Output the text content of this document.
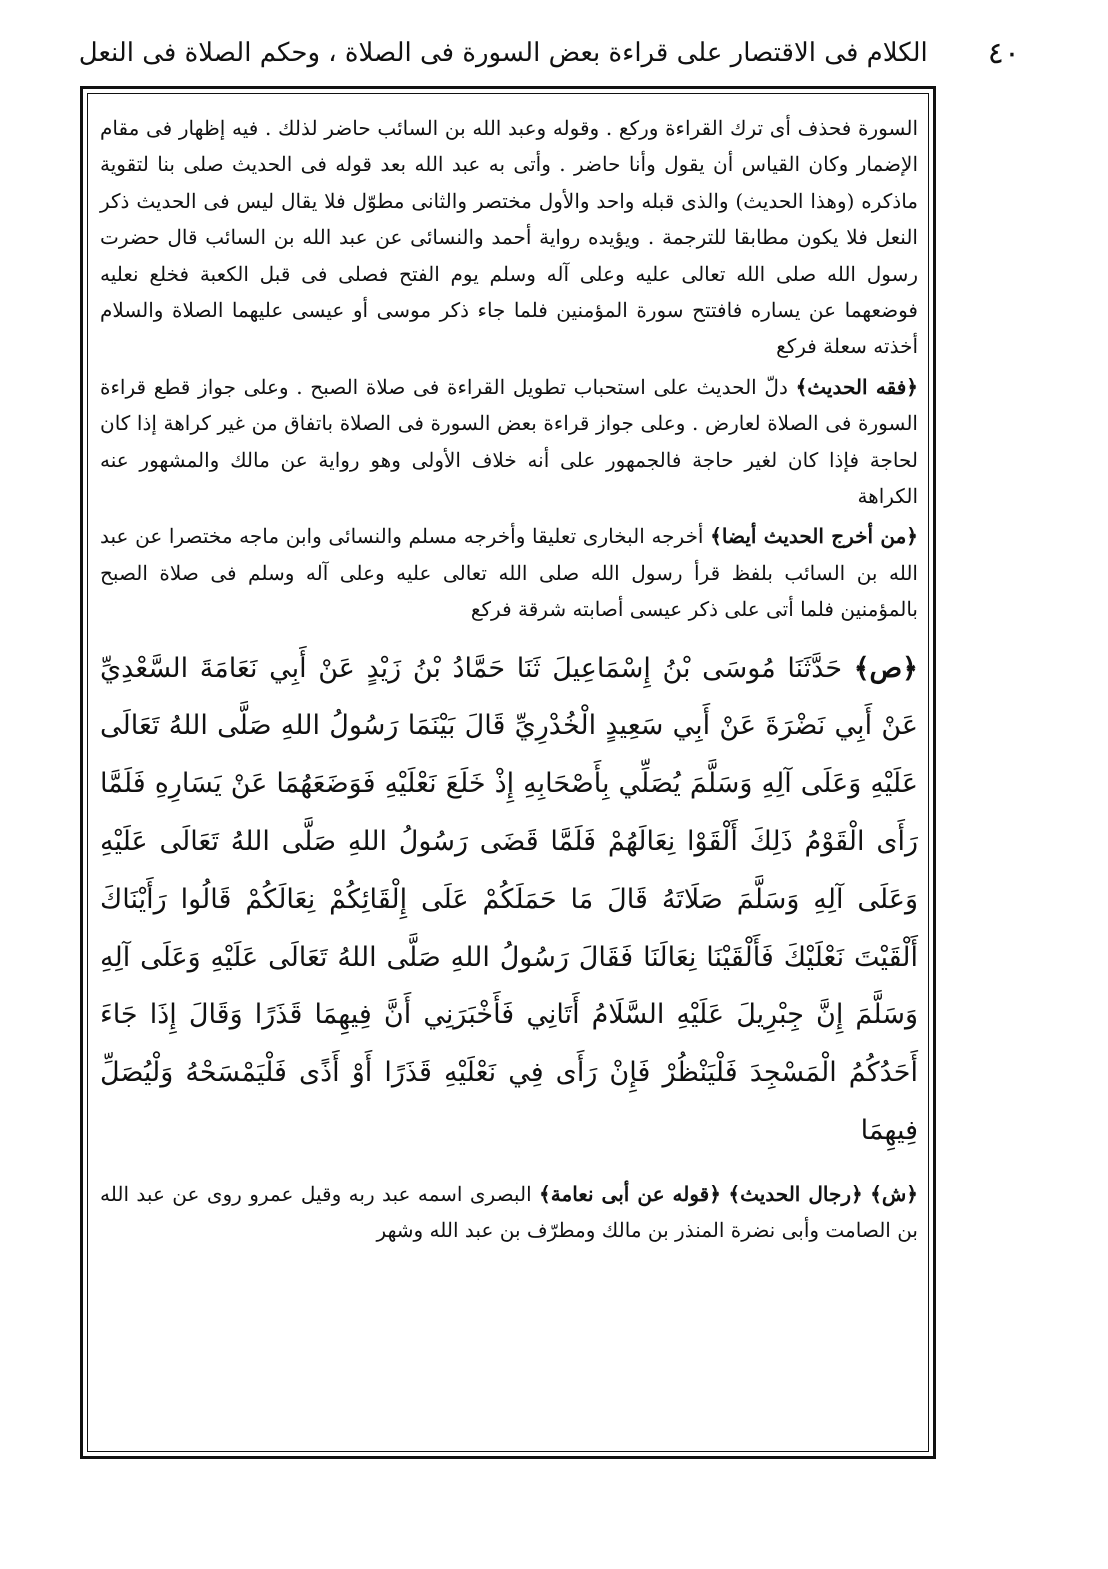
٤٠
الكلام فى الاقتصار على قراءة بعض السورة فى الصلاة ، وحكم الصلاة فى النعل

السورة فحذف أى ترك القراءة وركع . وقوله وعبد الله بن السائب حاضر لذلك . فيه إظهار فى مقام الإضمار وكان القياس أن يقول وأنا حاضر . وأتى به عبد الله بعد قوله فى الحديث صلى بنا لتقوية ماذكره (وهذا الحديث) والذى قبله واحد والأول مختصر والثانى مطوّل فلا يقال ليس فى الحديث ذكر النعل فلا يكون مطابقا للترجمة . ويؤيده رواية أحمد والنسائى عن عبد الله بن السائب قال حضرت رسول الله صلى الله تعالى عليه وعلى آله وسلم يوم الفتح فصلى فى قبل الكعبة فخلع نعليه فوضعهما عن يساره فافتتح سورة المؤمنين فلما جاء ذكر موسى أو عيسى عليهما الصلاة والسلام أخذته سعلة فركع

﴿فقه الحديث﴾ دلّ الحديث على استحباب تطويل القراءة فى صلاة الصبح . وعلى جواز قطع قراءة السورة فى الصلاة لعارض . وعلى جواز قراءة بعض السورة فى الصلاة باتفاق من غير كراهة إذا كان لحاجة فإذا كان لغير حاجة فالجمهور على أنه خلاف الأولى وهو رواية عن مالك والمشهور عنه الكراهة

﴿من أخرج الحديث أيضا﴾ أخرجه البخارى تعليقا وأخرجه مسلم والنسائى وابن ماجه مختصرا عن عبد الله بن السائب بلفظ قرأ رسول الله صلى الله تعالى عليه وعلى آله وسلم فى صلاة الصبح بالمؤمنين فلما أتى على ذكر عيسى أصابته شرقة فركع

﴿ص﴾ حَدَّثَنَا مُوسَى بْنُ إِسْمَاعِيلَ ثَنَا حَمَّادُ بْنُ زَيْدٍ عَنْ أَبِي نَعَامَةَ السَّعْدِيِّ عَنْ أَبِي نَضْرَةَ عَنْ أَبِي سَعِيدٍ الْخُدْرِيِّ قَالَ بَيْنَمَا رَسُولُ اللهِ صَلَّى اللهُ تَعَالَى عَلَيْهِ وَعَلَى آلِهِ وَسَلَّمَ يُصَلِّي بِأَصْحَابِهِ إِذْ خَلَعَ نَعْلَيْهِ فَوَضَعَهُمَا عَنْ يَسَارِهِ فَلَمَّا رَأَى الْقَوْمُ ذَلِكَ أَلْقَوْا نِعَالَهُمْ فَلَمَّا قَضَى رَسُولُ اللهِ صَلَّى اللهُ تَعَالَى عَلَيْهِ وَعَلَى آلِهِ وَسَلَّمَ صَلَاتَهُ قَالَ مَا حَمَلَكُمْ عَلَى إِلْقَائِكُمْ نِعَالَكُمْ قَالُوا رَأَيْنَاكَ أَلْقَيْتَ نَعْلَيْكَ فَأَلْقَيْنَا نِعَالَنَا فَقَالَ رَسُولُ اللهِ صَلَّى اللهُ تَعَالَى عَلَيْهِ وَعَلَى آلِهِ وَسَلَّمَ إِنَّ جِبْرِيلَ عَلَيْهِ السَّلَامُ أَتَانِي فَأَخْبَرَنِي أَنَّ فِيهِمَا قَذَرًا وَقَالَ إِذَا جَاءَ أَحَدُكُمُ الْمَسْجِدَ فَلْيَنْظُرْ فَإِنْ رَأَى فِي نَعْلَيْهِ قَذَرًا أَوْ أَذًى فَلْيَمْسَحْهُ وَلْيُصَلِّ فِيهِمَا

﴿ش﴾ ﴿رجال الحديث﴾ ﴿قوله عن أبى نعامة﴾ البصرى اسمه عبد ربه وقيل عمرو روى عن عبد الله بن الصامت وأبى نضرة المنذر بن مالك ومطرّف بن عبد الله وشهر
